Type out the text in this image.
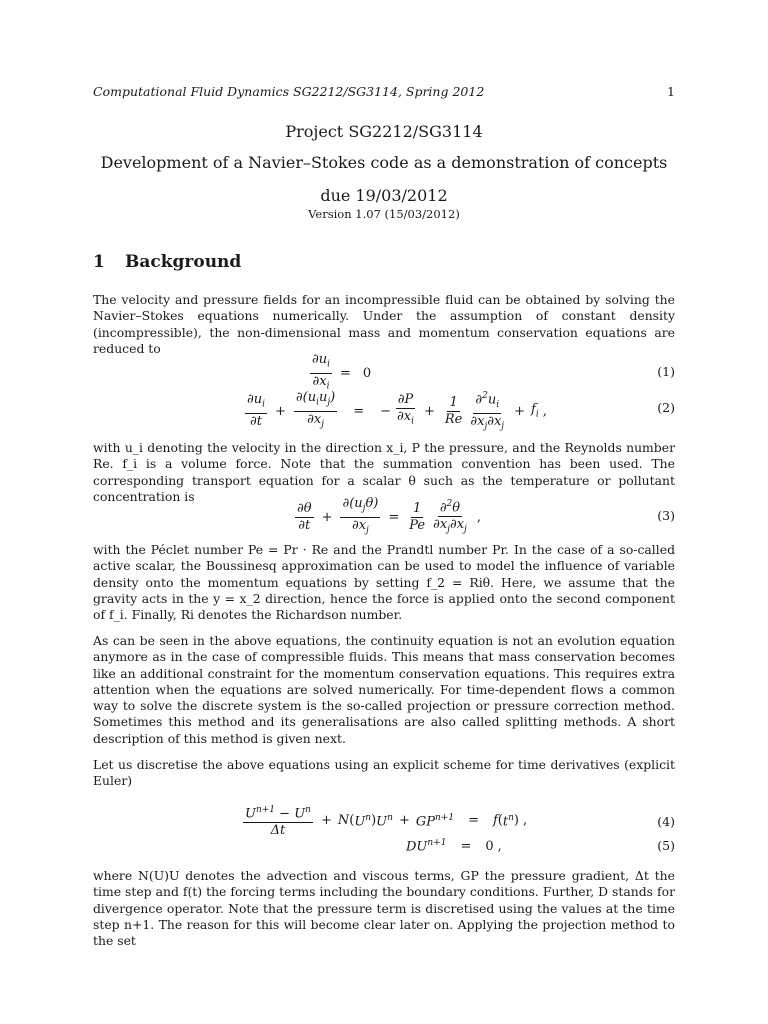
Computational Fluid Dynamics SG2212/SG3114, Spring 2012	1
Project SG2212/SG3114
Development of a Navier–Stokes code as a demonstration of concepts
due 19/03/2012
Version 1.07 (15/03/2012)
1 Background
The velocity and pressure fields for an incompressible fluid can be obtained by solving the Navier–Stokes equations numerically. Under the assumption of constant density (incompressible), the non-dimensional mass and momentum conservation equations are reduced to
$\frac{\partial u_i}{\partial x_i} = 0$	(1)
$\frac{\partial u_i}{\partial t} + \frac{\partial(u_iu_j)}{\partial x_j}$ = − $\frac{\partial P}{\partial x_i} + \frac{1}{Re} \frac{\partial^2u_i}{\partial x_j\partial x_j} + f_i$ ,	(2)
with u_i denoting the velocity in the direction x_i, P the pressure, and the Reynolds number Re. f_i is a volume force. Note that the summation convention has been used. The corresponding transport equation for a scalar θ such as the temperature or pollutant concentration is
$\frac{\partial\theta}{\partial t} + \frac{\partial(u_j\theta)}{\partial x_j} = \frac{1}{Pe} \frac{\partial^2\theta}{\partial x_j\partial x_j}$ ,	(3)
with the Péclet number Pe = Pr · Re and the Prandtl number Pr. In the case of a so-called active scalar, the Boussinesq approximation can be used to model the influence of variable density onto the momentum equations by setting f_2 = Riθ. Here, we assume that the gravity acts in the y = x_2 direction, hence the force is applied onto the second component of f_i. Finally, Ri denotes the Richardson number.
As can be seen in the above equations, the continuity equation is not an evolution equation anymore as in the case of compressible fluids. This means that mass conservation becomes like an additional constraint for the momentum conservation equations. This requires extra attention when the equations are solved numerically. For time-dependent flows a common way to solve the discrete system is the so-called projection or pressure correction method. Sometimes this method and its generalisations are also called splitting methods. A short description of this method is given next.
Let us discretise the above equations using an explicit scheme for time derivatives (explicit Euler)
$\frac{U^{n+1} - U^n}{\Delta t} + N$ ( $U^n$ ) $U^n + GP^{n+1} = f$ ( $t^n$ ) ,	(4)
$DU^{n+1} = 0$ ,	(5)
where N(U)U denotes the advection and viscous terms, GP the pressure gradient, Δt the time step and f(t) the forcing terms including the boundary conditions. Further, D stands for divergence operator. Note that the pressure term is discretised using the values at the time step n+1. The reason for this will become clear later on. Applying the projection method to the set
